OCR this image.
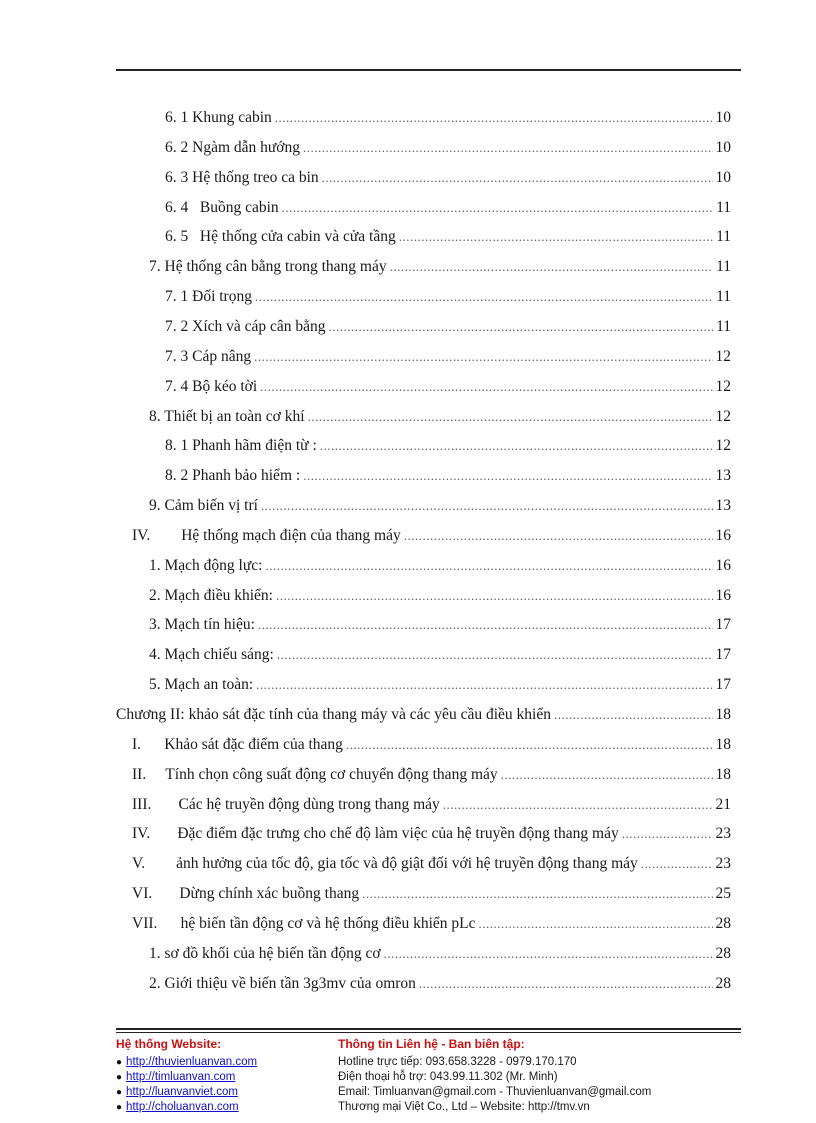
6. 1 Khung cabin .....	10
6. 2 Ngàm dẫn hướng .....	10
6. 3 Hệ thống treo ca bin .....	10
6. 4   Buồng cabin .....	11
6. 5   Hệ thống cửa cabin và cửa tầng .....	11
7. Hệ thống cân bằng trong thang máy .....	11
7. 1 Đối trọng .....	11
7. 2 Xích và cáp cân bằng .....	11
7. 3 Cáp nâng .....	12
7. 4 Bộ kéo tời .....	12
8. Thiết bị an toàn cơ khí .....	12
8. 1 Phanh hãm điện từ : .....	12
8. 2 Phanh bảo hiểm : .....	13
9. Cảm biến vị trí .....	13
IV.        Hệ thống mạch điện của thang máy .....	16
1. Mạch động lực: .....	16
2. Mạch điều khiển: .....	16
3. Mạch tín hiệu: .....	17
4. Mạch chiếu sáng: .....	17
5. Mạch an toàn: .....	17
Chương II: khảo sát đặc tính của thang máy và các yêu cầu điều khiển .....	18
I.      Khảo sát đặc điểm của thang .....	18
II.     Tính chọn công suất động cơ chuyển động thang máy .....	18
III.       Các hệ truyền động dùng trong thang máy .....	21
IV.       Đặc điểm đặc trưng cho chế độ làm việc của hệ truyền động thang máy .....	23
V.        ảnh hưởng của tốc độ, gia tốc và độ giật đối với hệ truyền động thang máy .....	23
VI.       Dừng chính xác buồng thang .....	25
VII.      hệ biến tần động cơ và hệ thống điều khiển pLc .....	28
1. sơ đồ khối của hệ biến tần động cơ .....	28
2. Giới thiệu về biến tần 3g3mv của omron .....	28
Hệ thống Website:
● http://thuvienluanvan.com
● http://timluanvan.com
● http://luanvanviet.com
● http://choluanvan.com
Thông tin Liên hệ - Ban biên tập:
Hotline trực tiếp: 093.658.3228 - 0979.170.170
Điện thoại hỗ trợ: 043.99.11.302 (Mr. Minh)
Email: Timluanvan@gmail.com - Thuvienluanvan@gmail.com
Thương mại Việt Co., Ltd – Website: http://tmv.vn
